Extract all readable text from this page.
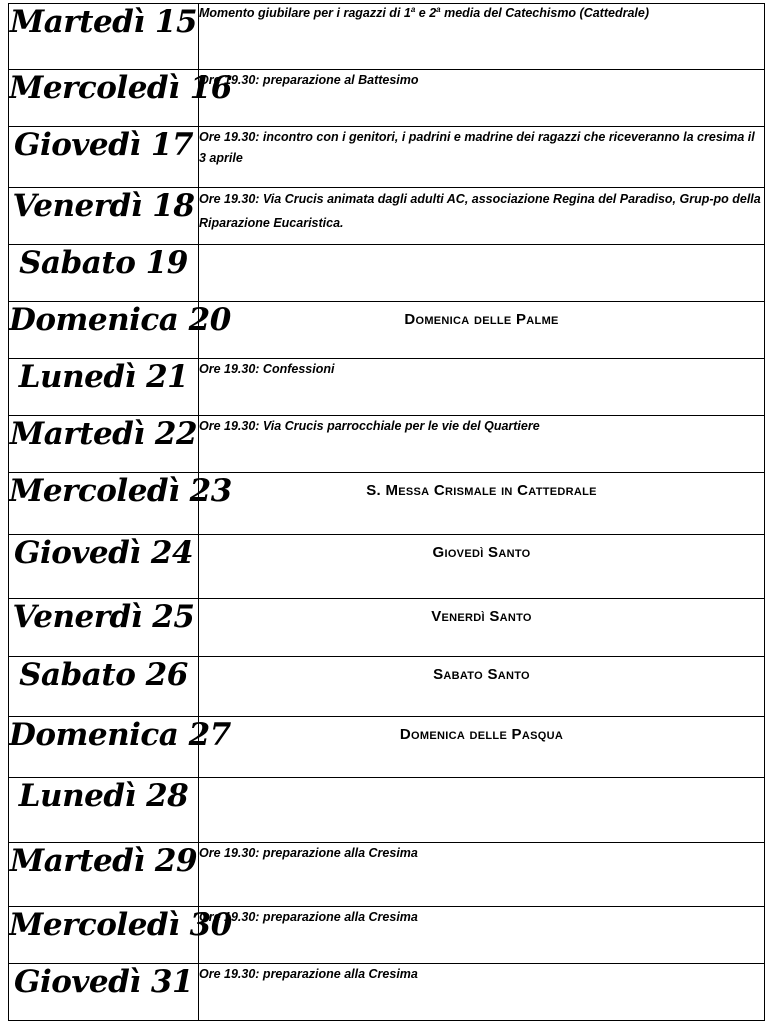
Martedì 15	Momento giubilare per i ragazzi di 1$^a$ e 2$^a$ media del Catechismo (Cattedrale)
Mercoledì 16	Ore 19.30: preparazione al Battesimo
Giovedì 17	Ore 19.30: incontro con i genitori, i padrini e madrine dei ragazzi che riceveranno la cresima il 3 aprile
Venerdì 18	Ore 19.30: Via Crucis animata dagli adulti AC, associazione Regina del Paradiso, Grup-po della Riparazione Eucaristica.
Sabato 19	
Domenica 20	Domenica delle Palme
Lunedì 21	Ore 19.30: Confessioni
Martedì 22	Ore 19.30: Via Crucis parrocchiale per le vie del Quartiere
Mercoledì 23	S. Messa Crismale in Cattedrale
Giovedì 24	Giovedì Santo
Venerdì 25	Venerdì Santo
Sabato 26	Sabato Santo
Domenica 27	Domenica delle Pasqua
Lunedì 28	
Martedì 29	Ore 19.30: preparazione alla Cresima
Mercoledì 30	Ore 19.30: preparazione alla Cresima
Giovedì 31	Ore 19.30: preparazione alla Cresima
